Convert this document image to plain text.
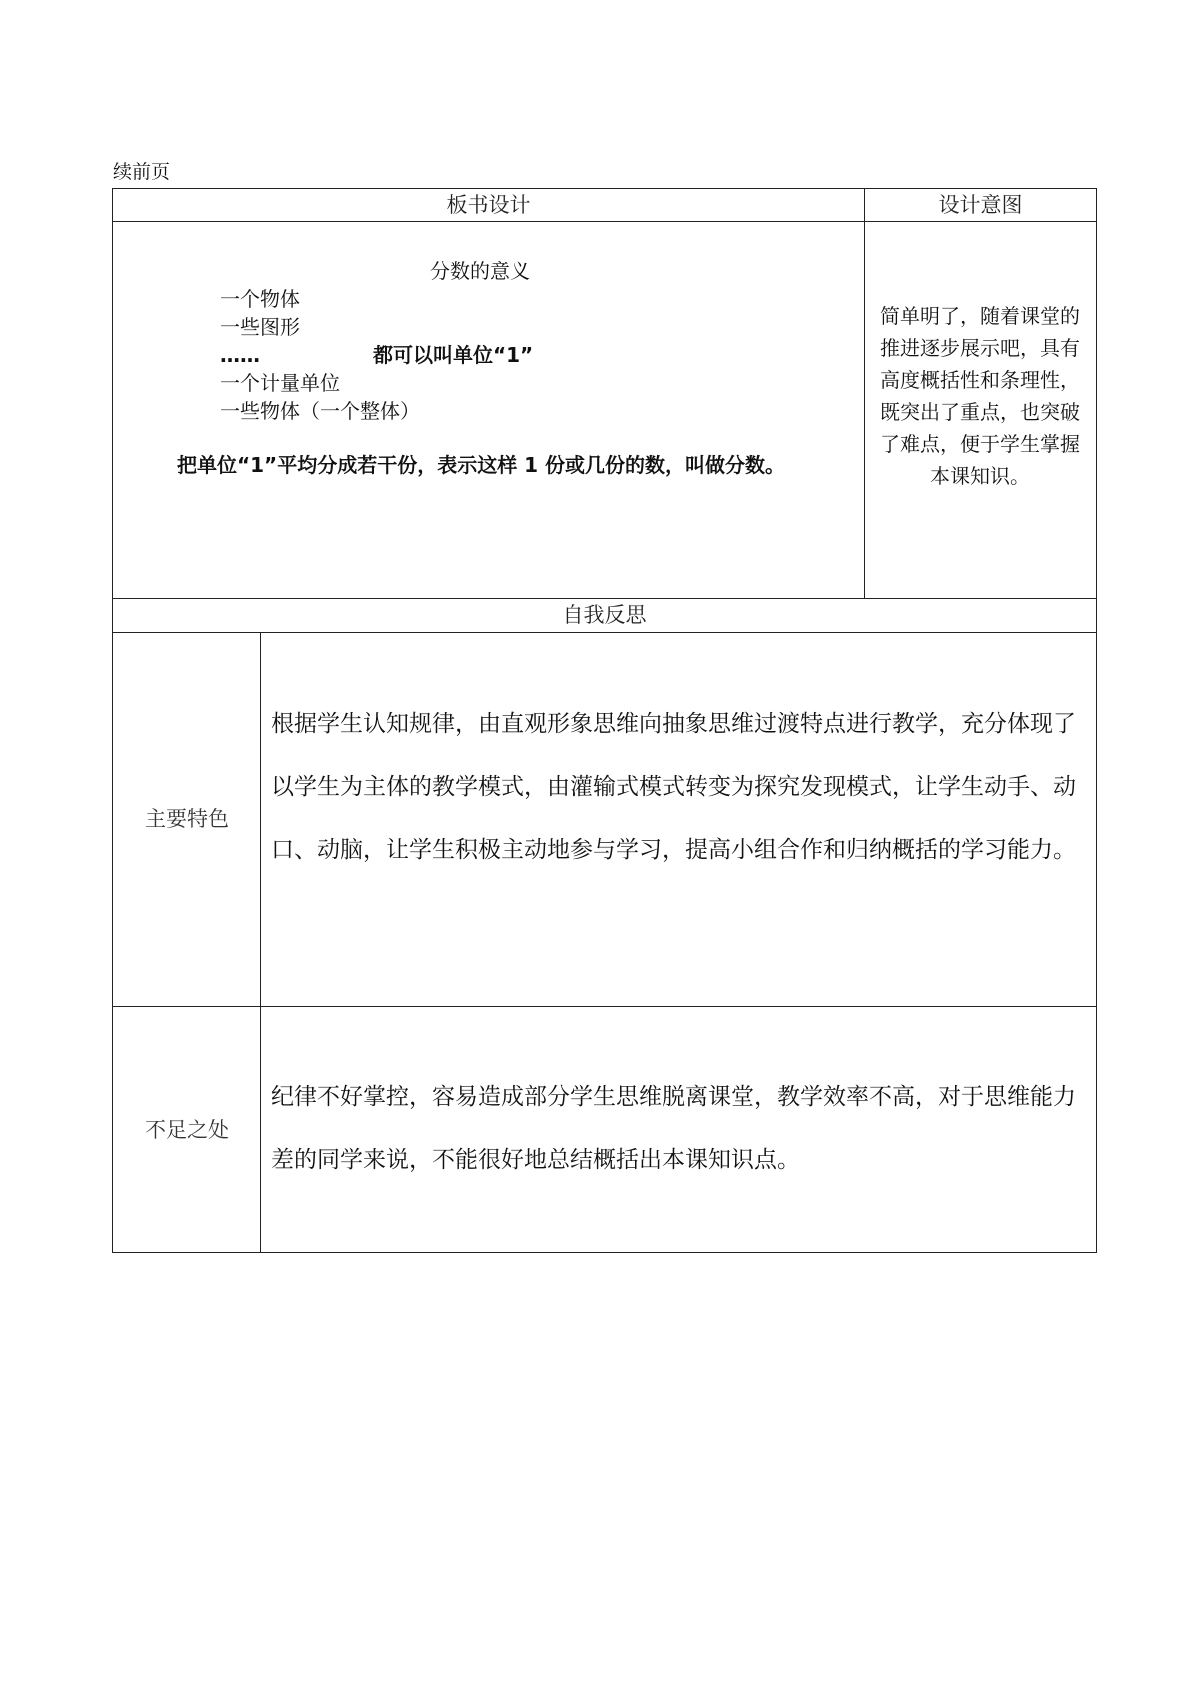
续前页
板书设计	设计意图
分数的意义
一个物体
一些图形
……	都可以叫单位“1”
一个计量单位
一些物体（一个整体）
把单位“1”平均分成若干份，表示这样 1 份或几份的数，叫做分数。
简单明了，随着课堂的推进逐步展示吧，具有高度概括性和条理性，既突出了重点，也突破了难点，便于学生掌握本课知识。
自我反思
主要特色
根据学生认知规律，由直观形象思维向抽象思维过渡特点进行教学，充分体现了以学生为主体的教学模式，由灌输式模式转变为探究发现模式，让学生动手、动口、动脑，让学生积极主动地参与学习，提高小组合作和归纳概括的学习能力。
不足之处
纪律不好掌控，容易造成部分学生思维脱离课堂，教学效率不高，对于思维能力差的同学来说，不能很好地总结概括出本课知识点。
